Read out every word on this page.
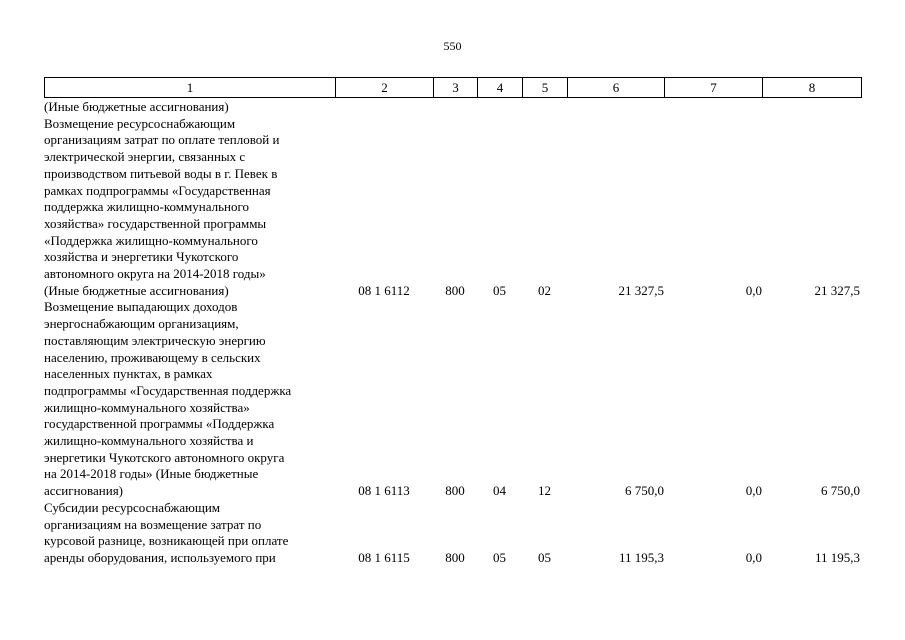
550
1	2	3	4	5	6	7	8
(Иные бюджетные ассигнования)
Возмещение ресурсоснабжающим
организациям затрат по оплате тепловой и
электрической энергии, связанных с
производством питьевой воды в г. Певек в
рамках подпрограммы «Государственная
поддержка жилищно-коммунального
хозяйства» государственной программы
«Поддержка жилищно-коммунального
хозяйства и энергетики Чукотского
автономного округа на 2014-2018 годы»
(Иные бюджетные ассигнования)	08 1 6112	800	05	02	21 327,5	0,0	21 327,5
Возмещение выпадающих доходов
энергоснабжающим организациям,
поставляющим электрическую энергию
населению, проживающему в сельских
населенных пунктах, в рамках
подпрограммы «Государственная поддержка
жилищно-коммунального хозяйства»
государственной программы «Поддержка
жилищно-коммунального хозяйства и
энергетики Чукотского автономного округа
на 2014-2018 годы» (Иные бюджетные
ассигнования)	08 1 6113	800	04	12	6 750,0	0,0	6 750,0
Субсидии ресурсоснабжающим
организациям на возмещение затрат по
курсовой разнице, возникающей при оплате
аренды оборудования, используемого при	08 1 6115	800	05	05	11 195,3	0,0	11 195,3
